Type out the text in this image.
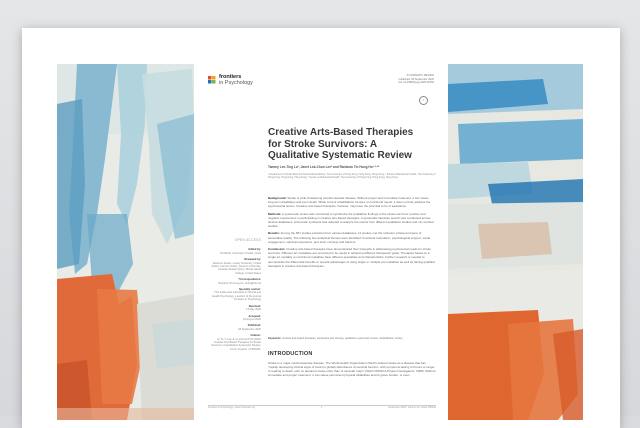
frontiers
in Psychology
SYSTEMATIC REVIEW
published: 18 September 2020
doi: 10.3389/fpsyg.2020.02262
✓
OPEN ACCESS
Edited by:
Tal Shafir, University of Haifa, Israel
Reviewed by:
Rebecca Zarate, Lesley University, United States; Carmen Sulzer, Queen's University, Canada; Rachel Quinn, Rhode Island College, United States
*Correspondence:
Rainbow Tin Hung Ho, tinho@hku.hk
Specialty section:
This article was submitted to Clinical and Health Psychology, a section of the journal Frontiers in Psychology
Received:
13 May 2020
Accepted:
19 August 2020
Published:
18 September 2020
Citation:
Lo TL-T, Lee JL-C and Ho RTH (2020) Creative Arts-Based Therapies for Stroke Survivors: A Qualitative Systematic Review. Front. Psychol. 11:556293.
Creative Arts-Based Therapies for Stroke Survivors: A Qualitative Systematic Review
Tammy Lee-Ting Lo¹, Janet Lok-Chun Lee² and Rainbow Tin Hung Ho¹·²·³*
¹ Department of Social Work and Social Administration, The University of Hong Kong, Hong Kong, Hong Kong; ² School of Behavioral Health, The University of Hong Kong, Hong Kong, Hong Kong; ³ Centre on Behavioral Health, The University of Hong Kong, Hong Kong, Hong Kong

Background: Stroke is a life-threatening cerebrovascular disease. Without proper and immediate treatment, it can cause long-term disabilities and even death. While current rehabilitation focuses on functional needs, it does not fully address the psychosocial issues. Creative arts-based therapies, however, may have the potential to be of assistance.

Methods: A systematic review was conducted to synthesize the qualitative findings of the stroke survivors' positive and negative experiences in participating in creative arts-based therapies. A systematic literature search was conducted across diverse databases. A thematic synthesis was adopted to analyze the results from different qualitative studies and mix-method studies.

Results: Among the 567 studies extracted from various databases, 11 studies met the inclusion criteria and were of acceptable quality. The following five analytical themes were identified: functional restoration, psychological support, social engagement, spiritual experience, and short comings and barriers.

Conclusion: Creative arts-based therapies have demonstrated their strengths in addressing psychosocial needs for stroke survivors. Different art modalities are perceived to be useful in achieving different therapeutic goals. Therapies based on a single art modality or combined modalities have different specialties and characteristics. Further research is needed to demonstrate the differential benefits or special advantages of using single or multiple art modalities as well as having qualified therapists in creative arts-based therapies.

Keywords: creative arts-based therapies, expressive arts therapy, qualitative systematic review, rehabilitation, stroke
INTRODUCTION
Stroke is a major cerebrovascular disease. The World Health Organization (WHO) defined stroke as a disease that has "rapidly developing clinical signs of focal (or global) disturbance of cerebral function, with symptoms lasting 24 hours or longer or leading to death, with no apparent cause other than of vascular origin" (WHO MONICA Project Investigators, 1988). Without immediate and proper treatment, it can cause permanent physical disabilities and its grave burden, or even
Frontiers in Psychology | www.frontiersin.org	September 2020 | Volume 11 | Article 556293
1
